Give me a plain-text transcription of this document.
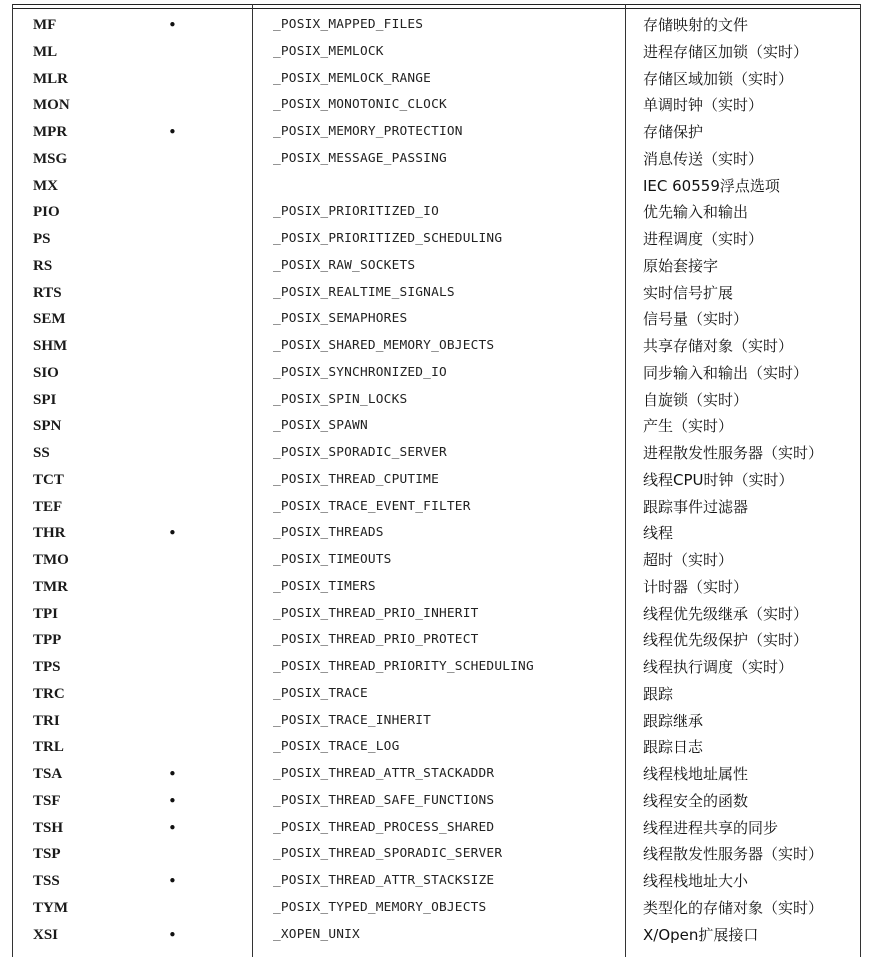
MF	•	_POSIX_MAPPED_FILES	存储映射的文件
ML		_POSIX_MEMLOCK	进程存储区加锁（实时）
MLR		_POSIX_MEMLOCK_RANGE	存储区域加锁（实时）
MON		_POSIX_MONOTONIC_CLOCK	单调时钟（实时）
MPR	•	_POSIX_MEMORY_PROTECTION	存储保护
MSG		_POSIX_MESSAGE_PASSING	消息传送（实时）
MX			IEC 60559浮点选项
PIO		_POSIX_PRIORITIZED_IO	优先输入和输出
PS		_POSIX_PRIORITIZED_SCHEDULING	进程调度（实时）
RS		_POSIX_RAW_SOCKETS	原始套接字
RTS		_POSIX_REALTIME_SIGNALS	实时信号扩展
SEM		_POSIX_SEMAPHORES	信号量（实时）
SHM		_POSIX_SHARED_MEMORY_OBJECTS	共享存储对象（实时）
SIO		_POSIX_SYNCHRONIZED_IO	同步输入和输出（实时）
SPI		_POSIX_SPIN_LOCKS	自旋锁（实时）
SPN		_POSIX_SPAWN	产生（实时）
SS		_POSIX_SPORADIC_SERVER	进程散发性服务器（实时）
TCT		_POSIX_THREAD_CPUTIME	线程CPU时钟（实时）
TEF		_POSIX_TRACE_EVENT_FILTER	跟踪事件过滤器
THR	•	_POSIX_THREADS	线程
TMO		_POSIX_TIMEOUTS	超时（实时）
TMR		_POSIX_TIMERS	计时器（实时）
TPI		_POSIX_THREAD_PRIO_INHERIT	线程优先级继承（实时）
TPP		_POSIX_THREAD_PRIO_PROTECT	线程优先级保护（实时）
TPS		_POSIX_THREAD_PRIORITY_SCHEDULING	线程执行调度（实时）
TRC		_POSIX_TRACE	跟踪
TRI		_POSIX_TRACE_INHERIT	跟踪继承
TRL		_POSIX_TRACE_LOG	跟踪日志
TSA	•	_POSIX_THREAD_ATTR_STACKADDR	线程栈地址属性
TSF	•	_POSIX_THREAD_SAFE_FUNCTIONS	线程安全的函数
TSH	•	_POSIX_THREAD_PROCESS_SHARED	线程进程共享的同步
TSP		_POSIX_THREAD_SPORADIC_SERVER	线程散发性服务器（实时）
TSS	•	_POSIX_THREAD_ATTR_STACKSIZE	线程栈地址大小
TYM		_POSIX_TYPED_MEMORY_OBJECTS	类型化的存储对象（实时）
XSI	•	_XOPEN_UNIX	X/Open扩展接口
